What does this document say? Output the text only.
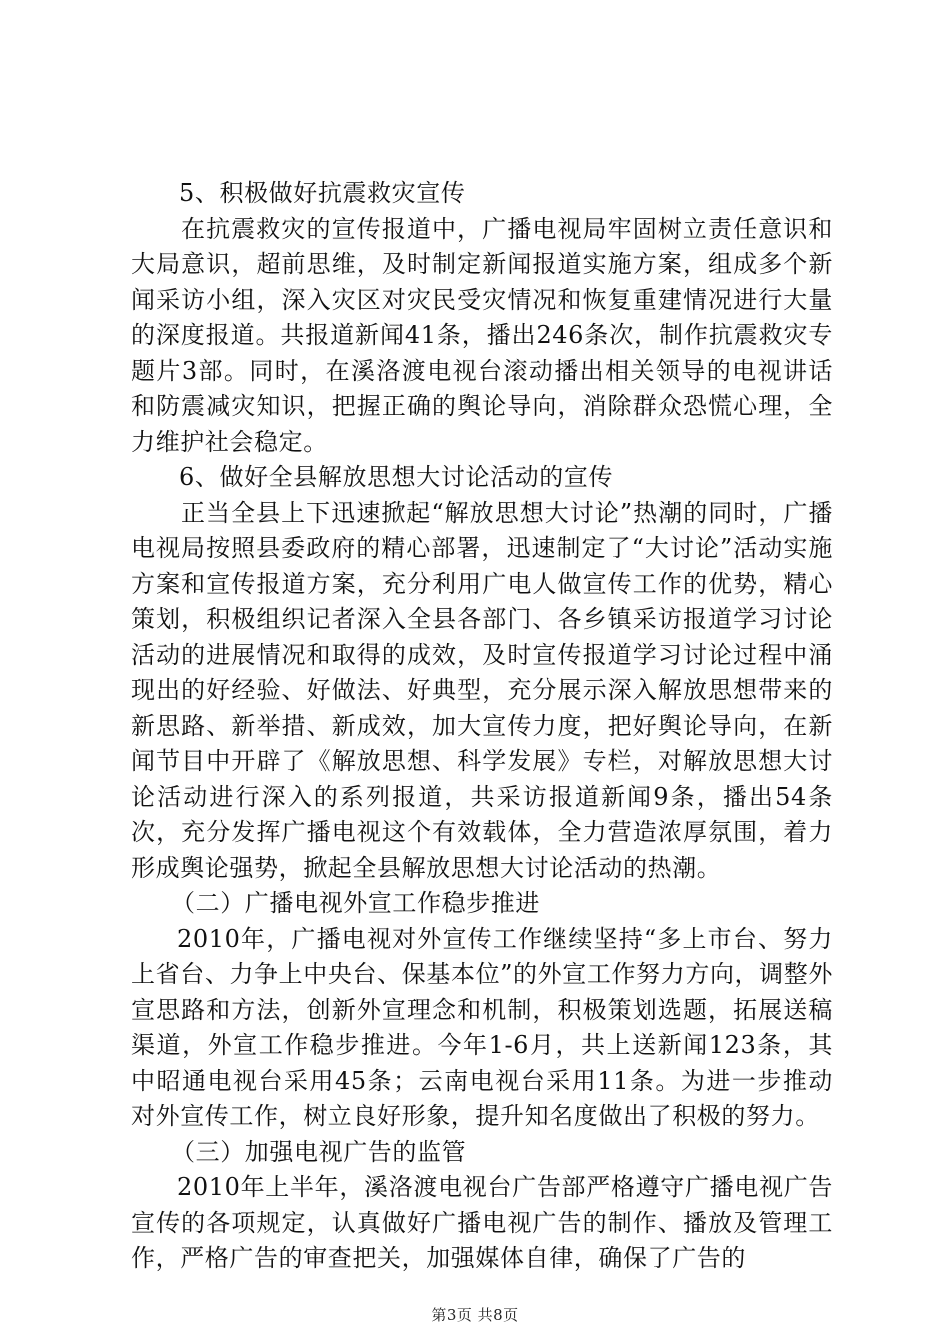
5、积极做好抗震救灾宣传

在抗震救灾的宣传报道中，广播电视局牢固树立责任意识和大局意识，超前思维，及时制定新闻报道实施方案，组成多个新闻采访小组，深入灾区对灾民受灾情况和恢复重建情况进行大量的深度报道。共报道新闻41条，播出246条次，制作抗震救灾专题片3部。同时，在溪洛渡电视台滚动播出相关领导的电视讲话和防震减灾知识，把握正确的舆论导向，消除群众恐慌心理，全力维护社会稳定。

6、做好全县解放思想大讨论活动的宣传

正当全县上下迅速掀起“解放思想大讨论”热潮的同时，广播电视局按照县委政府的精心部署，迅速制定了“大讨论”活动实施方案和宣传报道方案，充分利用广电人做宣传工作的优势，精心策划，积极组织记者深入全县各部门、各乡镇采访报道学习讨论活动的进展情况和取得的成效，及时宣传报道学习讨论过程中涌现出的好经验、好做法、好典型，充分展示深入解放思想带来的新思路、新举措、新成效，加大宣传力度，把好舆论导向，在新闻节目中开辟了《解放思想、科学发展》专栏，对解放思想大讨论活动进行深入的系列报道，共采访报道新闻9条，播出54条次，充分发挥广播电视这个有效载体，全力营造浓厚氛围，着力形成舆论强势，掀起全县解放思想大讨论活动的热潮。

（二）广播电视外宣工作稳步推进

2010年，广播电视对外宣传工作继续坚持“多上市台、努力上省台、力争上中央台、保基本位”的外宣工作努力方向，调整外宣思路和方法，创新外宣理念和机制，积极策划选题，拓展送稿渠道，外宣工作稳步推进。今年1-6月，共上送新闻123条，其中昭通电视台采用45条；云南电视台采用11条。为进一步推动对外宣传工作，树立良好形象，提升知名度做出了积极的努力。

（三）加强电视广告的监管

2010年上半年，溪洛渡电视台广告部严格遵守广播电视广告宣传的各项规定，认真做好广播电视广告的制作、播放及管理工作，严格广告的审查把关，加强媒体自律，确保了广告的

第3页 共8页
